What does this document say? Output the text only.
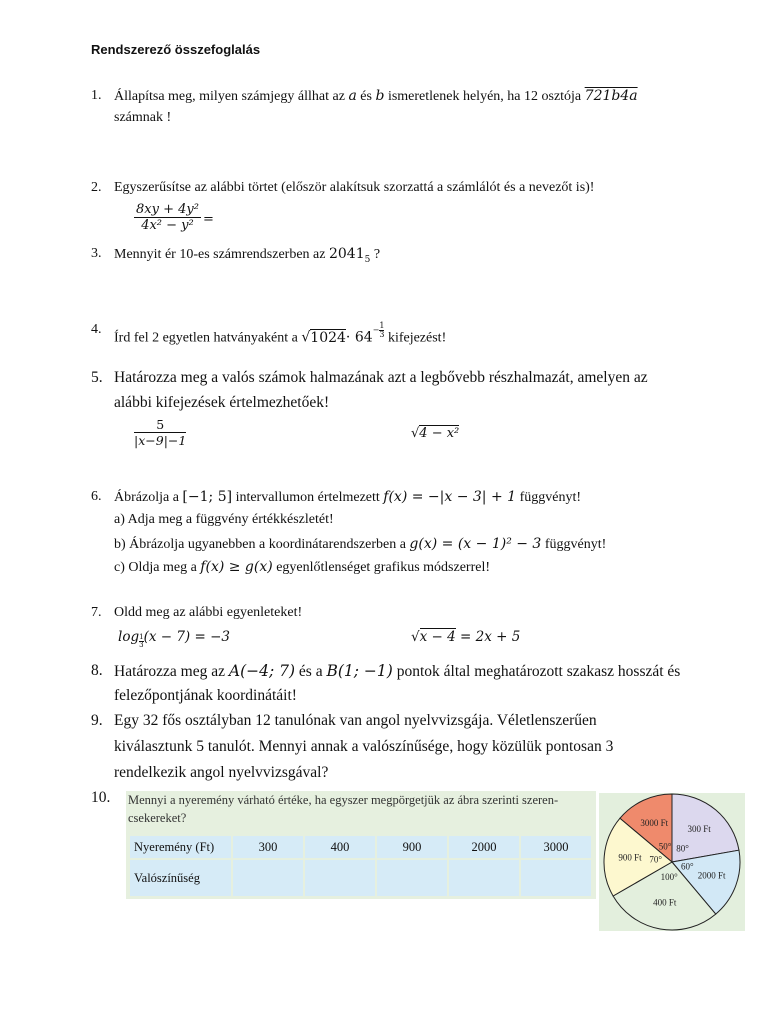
Rendszerező összefoglalás
1. Állapítsa meg, milyen számjegy állhat az a és b ismeretlenek helyén, ha 12 osztója 721b4a
számnak !
2. Egyszerűsítse az alábbi törtet (először alakítsuk szorzattá a számlálót és a nevezőt is)!
$\frac{\text{8xy + 4y²}}{\text{4x² − y²}}$ =
3. Mennyit ér 10-es számrendszerben az $2041_5$ ?
4.
Írd fel 2 egyetlen hatványaként a $√1024\cdot 64- \frac{1}{3}$ kifejezést!
5. Határozza meg a valós számok halmazának azt a legbővebb részhalmazát, amelyen az
alábbi kifejezések értelmezhetőek!
$\frac{5}{|x-9|-1}$	√4 − x²
6. Ábrázolja a [−1; 5] intervallumon értelmezett f(x) = −|x − 3| + 1 függvényt!
a) Adja meg a függvény értékkészletét!
b) Ábrázolja ugyanebben a koordinátarendszerben a g(x) = (x − 1)² − 3 függvényt!
c) Oldja meg a f(x) ≥ g(x) egyenlőtlenséget grafikus módszerrel!
7. Oldd meg az alábbi egyenleteket!
$\log \frac{1}{3} (x - 7) = -3$	√x − 4 = 2x + 5
8. Határozza meg az A(−4; 7) és a B(1; −1) pontok által meghatározott szakasz hosszát és
felezőpontjának koordinátáit!
9. Egy 32 fős osztályban 12 tanulónak van angol nyelvvizsgája. Véletlenszerűen
kiválasztunk 5 tanulót. Mennyi annak a valószínűsége, hogy közülük pontosan 3
rendelkezik angol nyelvvizsgával?
10. Mennyi a nyeremény várható értéke, ha egyszer megpörgetjük az ábra szerinti szeren-
csekereket?
Nyeremény (Ft)	300	400	900	2000	3000
Valószínűség					
3000 Ft
50°
300 Ft
80°
2000 Ft
60°
400 Ft
100°
900 Ft 70°
